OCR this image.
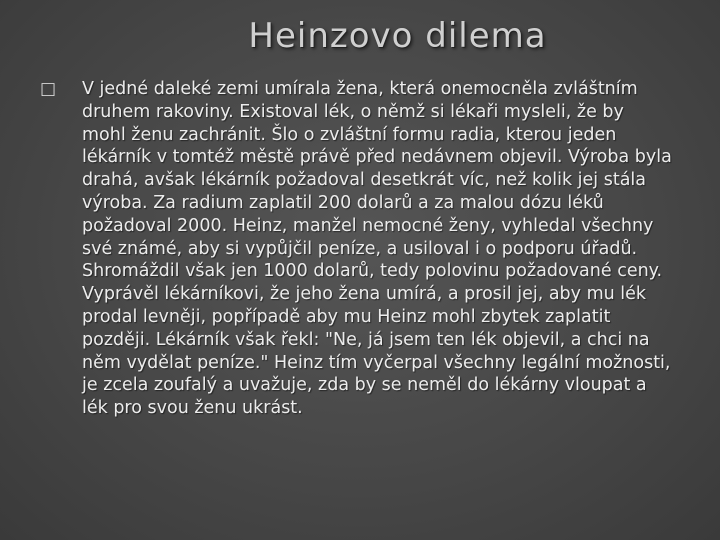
Heinzovo dilema
□	V jedné daleké zemi umírala žena, která onemocněla zvláštním druhem rakoviny. Existoval lék, o němž si lékaři mysleli, že by mohl ženu zachránit. Šlo o zvláštní formu radia, kterou jeden lékárník v tomtéž městě právě před nedávnem objevil. Výroba byla drahá, avšak lékárník požadoval desetkrát víc, než kolik jej stála výroba. Za radium zaplatil 200 dolarů a za malou dózu léků požadoval 2000. Heinz, manžel nemocné ženy, vyhledal všechny své známé, aby si vypůjčil peníze, a usiloval i o podporu úřadů. Shromáždil však jen 1000 dolarů, tedy polovinu požadované ceny. Vyprávěl lékárníkovi, že jeho žena umírá, a prosil jej, aby mu lék prodal levněji, popřípadě aby mu Heinz mohl zbytek zaplatit později. Lékárník však řekl: "Ne, já jsem ten lék objevil, a chci na něm vydělat peníze." Heinz tím vyčerpal všechny legální možnosti, je zcela zoufalý a uvažuje, zda by se neměl do lékárny vloupat a lék pro svou ženu ukrást.
